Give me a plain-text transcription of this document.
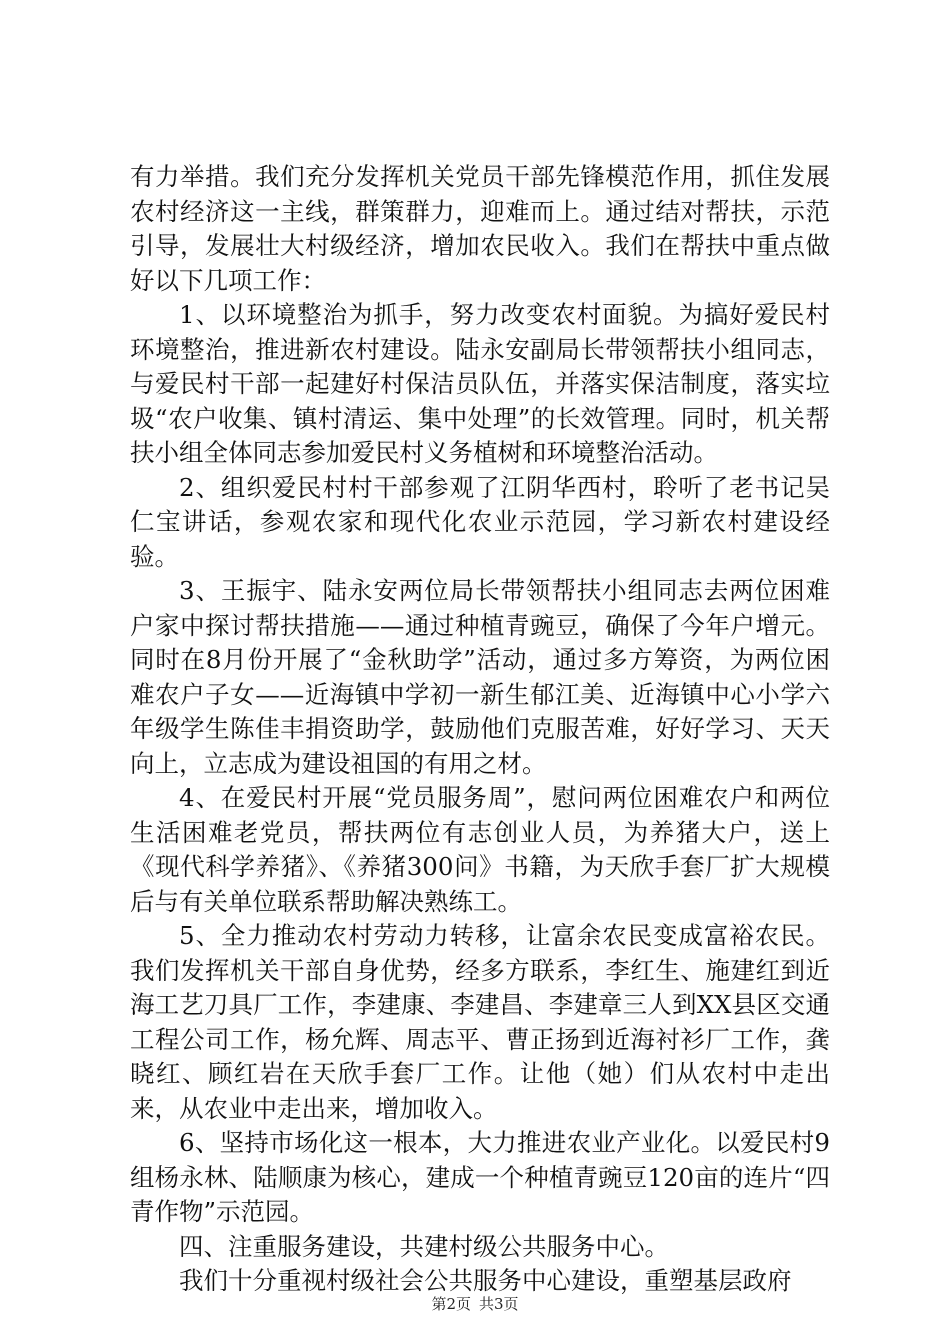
有力举措。我们充分发挥机关党员干部先锋模范作用，抓住发展农村经济这一主线，群策群力，迎难而上。通过结对帮扶，示范引导，发展壮大村级经济，增加农民收入。我们在帮扶中重点做好以下几项工作：

1、以环境整治为抓手，努力改变农村面貌。为搞好爱民村环境整治，推进新农村建设。陆永安副局长带领帮扶小组同志，与爱民村干部一起建好村保洁员队伍，并落实保洁制度，落实垃圾“农户收集、镇村清运、集中处理”的长效管理。同时，机关帮扶小组全体同志参加爱民村义务植树和环境整治活动。

2、组织爱民村村干部参观了江阴华西村，聆听了老书记吴仁宝讲话，参观农家和现代化农业示范园，学习新农村建设经验。

3、王振宇、陆永安两位局长带领帮扶小组同志去两位困难户家中探讨帮扶措施——通过种植青豌豆，确保了今年户增元。同时在8月份开展了“金秋助学”活动，通过多方筹资，为两位困难农户子女——近海镇中学初一新生郁江美、近海镇中心小学六年级学生陈佳丰捐资助学，鼓励他们克服苦难，好好学习、天天向上，立志成为建设祖国的有用之材。

4、在爱民村开展“党员服务周”，慰问两位困难农户和两位生活困难老党员，帮扶两位有志创业人员，为养猪大户，送上《现代科学养猪》、《养猪300问》书籍，为天欣手套厂扩大规模后与有关单位联系帮助解决熟练工。

5、全力推动农村劳动力转移，让富余农民变成富裕农民。我们发挥机关干部自身优势，经多方联系，李红生、施建红到近海工艺刀具厂工作，李建康、李建昌、李建章三人到XX县区交通工程公司工作，杨允辉、周志平、曹正扬到近海衬衫厂工作，龚晓红、顾红岩在天欣手套厂工作。让他（她）们从农村中走出来，从农业中走出来，增加收入。

6、坚持市场化这一根本，大力推进农业产业化。以爱民村9组杨永林、陆顺康为核心，建成一个种植青豌豆120亩的连片“四青作物”示范园。

四、注重服务建设，共建村级公共服务中心。

我们十分重视村级社会公共服务中心建设，重塑基层政府

第2页 共3页
